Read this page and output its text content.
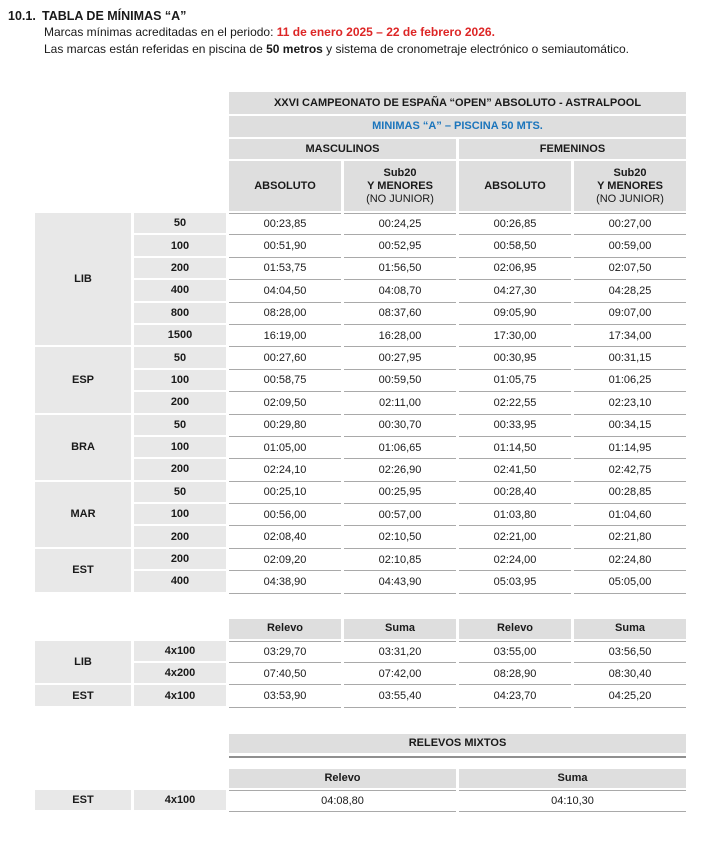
10.1. TABLA DE MÍNIMAS “A”
Marcas mínimas acreditadas en el periodo: 11 de enero 2025 – 22 de febrero 2026.
Las marcas están referidas en piscina de 50 metros y sistema de cronometraje electrónico o semiautomático.
XXVI CAMPEONATO DE ESPAÑA “OPEN” ABSOLUTO - ASTRALPOOL
MINIMAS “A” – PISCINA 50 MTS.
MASCULINOS	FEMENINOS
ABSOLUTO
Sub20
Y MENORES
(NO JUNIOR)
ABSOLUTO
Sub20
Y MENORES
(NO JUNIOR)
LIB
50	00:23,85	00:24,25	00:26,85	00:27,00
100	00:51,90	00:52,95	00:58,50	00:59,00
200	01:53,75	01:56,50	02:06,95	02:07,50
400	04:04,50	04:08,70	04:27,30	04:28,25
800	08:28,00	08:37,60	09:05,90	09:07,00
1500	16:19,00	16:28,00	17:30,00	17:34,00
ESP
50	00:27,60	00:27,95	00:30,95	00:31,15
100	00:58,75	00:59,50	01:05,75	01:06,25
200	02:09,50	02:11,00	02:22,55	02:23,10
BRA
50	00:29,80	00:30,70	00:33,95	00:34,15
100	01:05,00	01:06,65	01:14,50	01:14,95
200	02:24,10	02:26,90	02:41,50	02:42,75
MAR
50	00:25,10	00:25,95	00:28,40	00:28,85
100	00:56,00	00:57,00	01:03,80	01:04,60
200	02:08,40	02:10,50	02:21,00	02:21,80
EST
200	02:09,20	02:10,85	02:24,00	02:24,80
400	04:38,90	04:43,90	05:03,95	05:05,00
Relevo	Suma	Relevo	Suma
LIB
4x100	03:29,70	03:31,20	03:55,00	03:56,50
4x200	07:40,50	07:42,00	08:28,90	08:30,40
EST	4x100	03:53,90	03:55,40	04:23,70	04:25,20
RELEVOS MIXTOS
Relevo	Suma
EST	4x100	04:08,80	04:10,30
